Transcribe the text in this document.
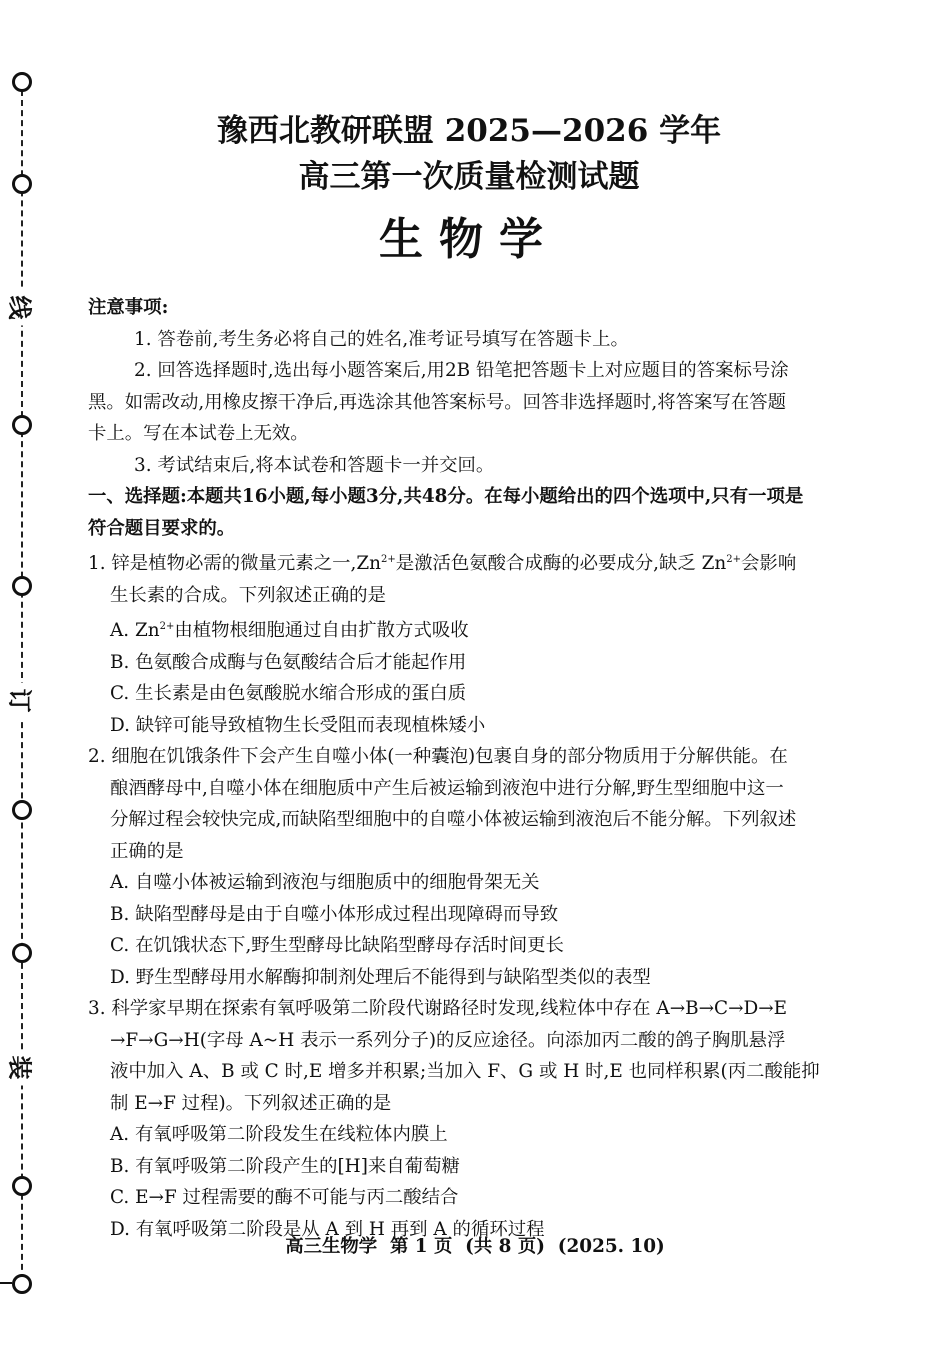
线
订
装
豫西北教研联盟 2025—2026 学年
高三第一次质量检测试题
生物学
注意事项:
1. 答卷前,考生务必将自己的姓名,准考证号填写在答题卡上。
2. 回答选择题时,选出每小题答案后,用2B 铅笔把答题卡上对应题目的答案标号涂
黑。如需改动,用橡皮擦干净后,再选涂其他答案标号。回答非选择题时,将答案写在答题
卡上。写在本试卷上无效。
3. 考试结束后,将本试卷和答题卡一并交回。
一、选择题:本题共16小题,每小题3分,共48分。在每小题给出的四个选项中,只有一项是
符合题目要求的。
1. 锌是植物必需的微量元素之一$,Zn^{2+}$是激活色氨酸合成酶的必要成分,缺乏 $Zn^{2+}$会影响
生长素的合成。下列叙述正确的是
A. $Zn^{2+}$由植物根细胞通过自由扩散方式吸收
B. 色氨酸合成酶与色氨酸结合后才能起作用
C. 生长素是由色氨酸脱水缩合形成的蛋白质
D. 缺锌可能导致植物生长受阻而表现植株矮小
2. 细胞在饥饿条件下会产生自噬小体(一种囊泡)包裹自身的部分物质用于分解供能。在
酿酒酵母中,自噬小体在细胞质中产生后被运输到液泡中进行分解,野生型细胞中这一
分解过程会较快完成,而缺陷型细胞中的自噬小体被运输到液泡后不能分解。下列叙述
正确的是
A. 自噬小体被运输到液泡与细胞质中的细胞骨架无关
B. 缺陷型酵母是由于自噬小体形成过程出现障碍而导致
C. 在饥饿状态下,野生型酵母比缺陷型酵母存活时间更长
D. 野生型酵母用水解酶抑制剂处理后不能得到与缺陷型类似的表型
3. 科学家早期在探索有氧呼吸第二阶段代谢路径时发现,线粒体中存在 A→B→C→D→E
→F→G→H(字母 A~H 表示一系列分子)的反应途径。向添加丙二酸的鸽子胸肌悬浮
液中加入 A、B 或 C 时,E 增多并积累;当加入 F、G 或 H 时,E 也同样积累(丙二酸能抑
制 E→F 过程)。下列叙述正确的是
A. 有氧呼吸第二阶段发生在线粒体内膜上
B. 有氧呼吸第二阶段产生的[H]来自葡萄糖
C. E→F 过程需要的酶不可能与丙二酸结合
D. 有氧呼吸第二阶段是从 A 到 H 再到 A 的循环过程
高三生物学  第 1 页  (共 8 页)  (2025. 10)
